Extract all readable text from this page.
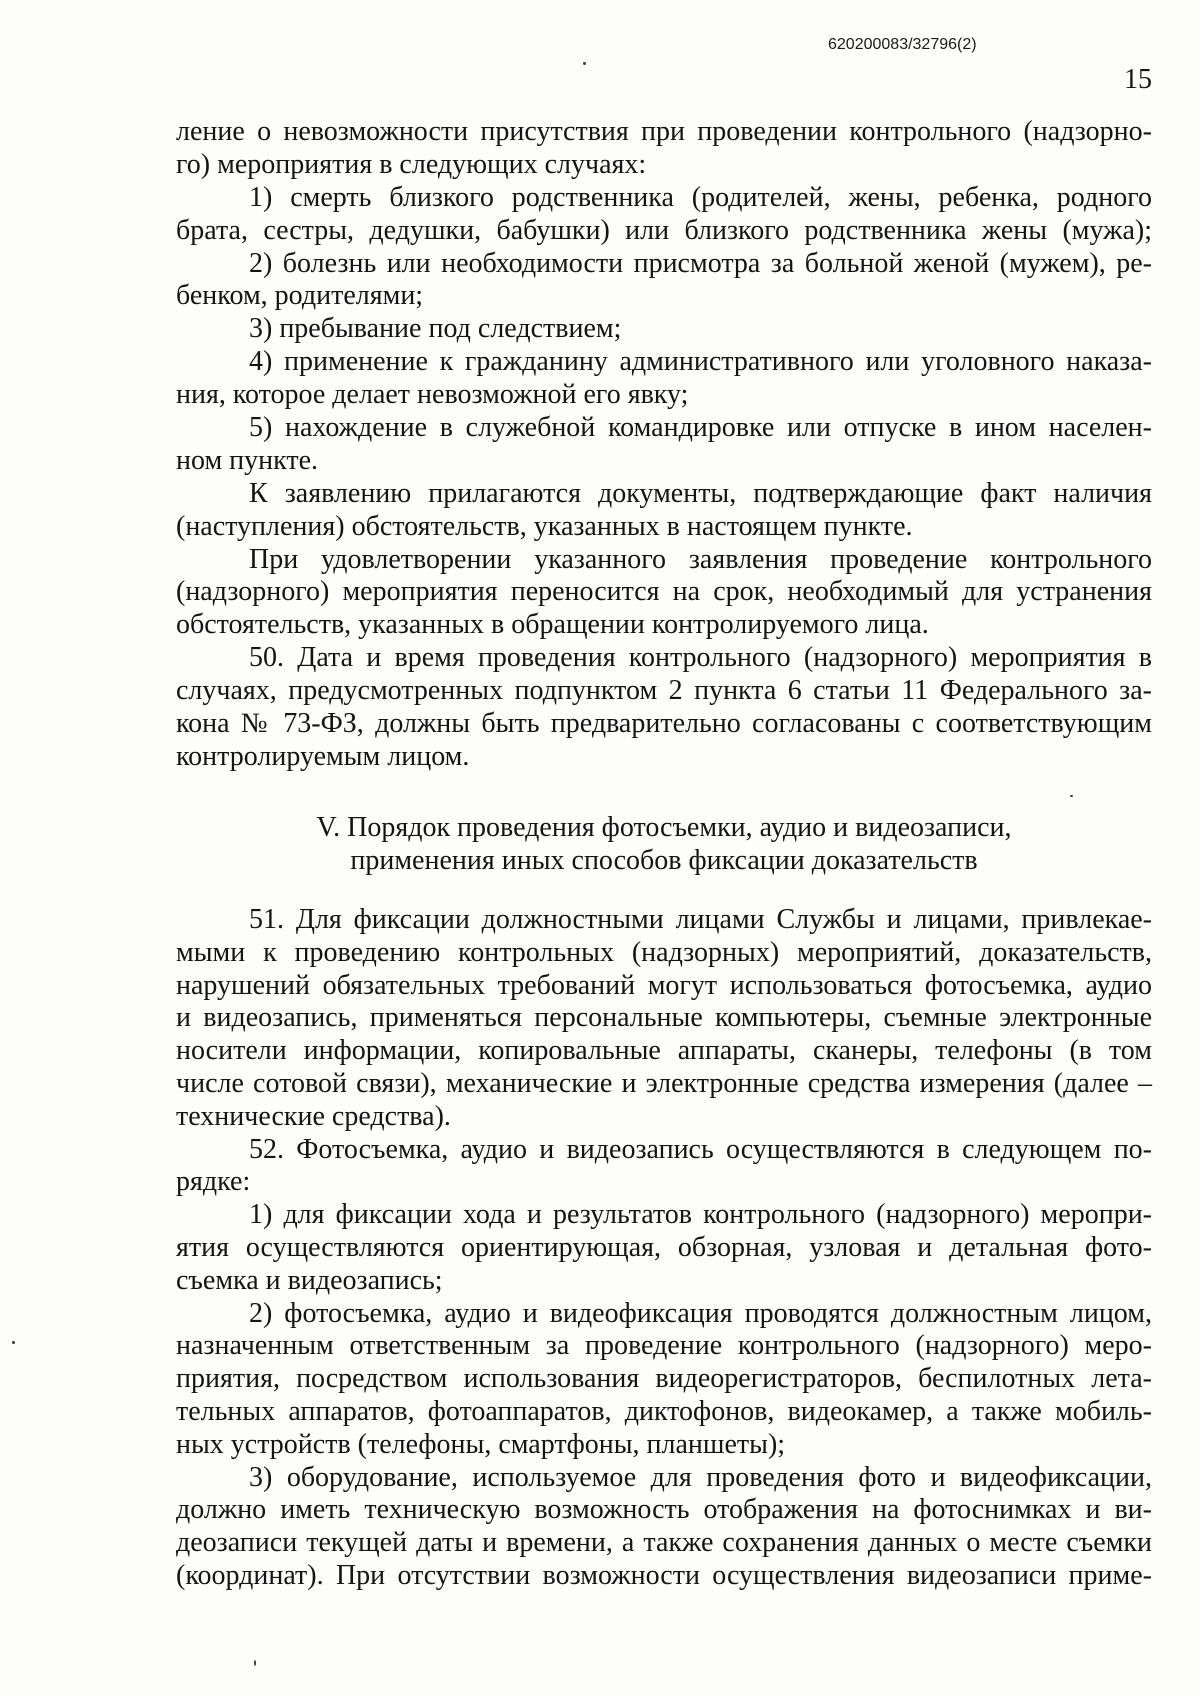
620200083/32796(2)
15
ление о невозможности присутствия при проведении контрольного (надзорно-
го) мероприятия в следующих случаях:
1) смерть близкого родственника (родителей, жены, ребенка, родного
брата, сестры, дедушки, бабушки) или близкого родственника жены (мужа);
2) болезнь или необходимости присмотра за больной женой (мужем), ре-
бенком, родителями;
3) пребывание под следствием;
4) применение к гражданину административного или уголовного наказа-
ния, которое делает невозможной его явку;
5) нахождение в служебной командировке или отпуске в ином населен-
ном пункте.
К заявлению прилагаются документы, подтверждающие факт наличия
(наступления) обстоятельств, указанных в настоящем пункте.
При удовлетворении указанного заявления проведение контрольного
(надзорного) мероприятия переносится на срок, необходимый для устранения
обстоятельств, указанных в обращении контролируемого лица.
50. Дата и время проведения контрольного (надзорного) мероприятия в
случаях, предусмотренных подпунктом 2 пункта 6 статьи 11 Федерального за-
кона № 73-ФЗ, должны быть предварительно согласованы с соответствующим
контролируемым лицом.
V. Порядок проведения фотосъемки, аудио и видеозаписи,
применения иных способов фиксации доказательств
51. Для фиксации должностными лицами Службы и лицами, привлекае-
мыми к проведению контрольных (надзорных) мероприятий, доказательств,
нарушений обязательных требований могут использоваться фотосъемка, аудио
и видеозапись, применяться персональные компьютеры, съемные электронные
носители информации, копировальные аппараты, сканеры, телефоны (в том
числе сотовой связи), механические и электронные средства измерения (далее –
технические средства).
52. Фотосъемка, аудио и видеозапись осуществляются в следующем по-
рядке:
1) для фиксации хода и результатов контрольного (надзорного) меропри-
ятия осуществляются ориентирующая, обзорная, узловая и детальная фото-
съемка и видеозапись;
2) фотосъемка, аудио и видеофиксация проводятся должностным лицом,
назначенным ответственным за проведение контрольного (надзорного) меро-
приятия, посредством использования видеорегистраторов, беспилотных лета-
тельных аппаратов, фотоаппаратов, диктофонов, видеокамер, а также мобиль-
ных устройств (телефоны, смартфоны, планшеты);
3) оборудование, используемое для проведения фото и видеофиксации,
должно иметь техническую возможность отображения на фотоснимках и ви-
деозаписи текущей даты и времени, а также сохранения данных о месте съемки
(координат). При отсутствии возможности осуществления видеозаписи приме-
